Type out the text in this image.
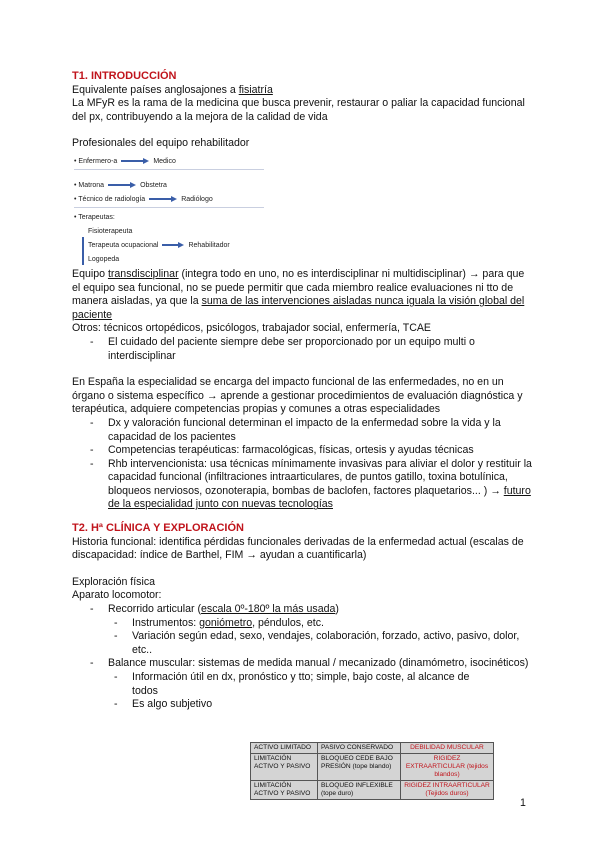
T1. INTRODUCCIÓN

Equivalente países anglosajones a fisiatría

La MFyR es la rama de la medicina que busca prevenir, restaurar o paliar la capacidad funcional del px, contribuyendo a la mejora de la calidad de vida

Profesionales del equipo rehabilitador

• Enfermero-a	Medico
• Matrona	Obstetra
• Técnico de radiología	Radiólogo
• Terapeutas:
Fisioterapeuta
Terapeuta ocupacional	Rehabilitador
Logopeda

Equipo transdisciplinar (integra todo en uno, no es interdisciplinar ni multidisciplinar) → para que el equipo sea funcional, no se puede permitir que cada miembro realice evaluaciones ni tto de manera aisladas, ya que la suma de las intervenciones aisladas nunca iguala la visión global del paciente

Otros: técnicos ortopédicos, psicólogos, trabajador social, enfermería, TCAE

- El cuidado del paciente siempre debe ser proporcionado por un equipo multi o interdisciplinar

En España la especialidad se encarga del impacto funcional de las enfermedades, no en un órgano o sistema específico → aprende a gestionar procedimientos de evaluación diagnóstica y terapéutica, adquiere competencias propias y comunes a otras especialidades

- Dx y valoración funcional determinan el impacto de la enfermedad sobre la vida y la capacidad de los pacientes

- Competencias terapéuticas: farmacológicas, físicas, ortesis y ayudas técnicas

- Rhb intervencionista: usa técnicas mínimamente invasivas para aliviar el dolor y restituir la capacidad funcional (infiltraciones intraarticulares, de puntos gatillo, toxina botulínica, bloqueos nerviosos, ozonoterapia, bombas de baclofen, factores plaquetarios... ) → futuro de la especialidad junto con nuevas tecnologías

T2. Hª CLÍNICA Y EXPLORACIÓN

Historia funcional: identifica pérdidas funcionales derivadas de la enfermedad actual (escalas de discapacidad: índice de Barthel, FIM → ayudan a cuantificarla)

Exploración física

Aparato locomotor:

- Recorrido articular (escala 0º-180º la más usada)

- Instrumentos: goniómetro, péndulos, etc.

- Variación según edad, sexo, vendajes, colaboración, forzado, activo, pasivo, dolor, etc..

- Balance muscular: sistemas de medida manual / mecanizado (dinamómetro, isocinéticos)

- Información útil en dx, pronóstico y tto; simple, bajo coste, al alcance de
todos

- Es algo subjetivo

ACTIVO LIMITADO	PASIVO CONSERVADO	DEBILIDAD MUSCULAR
LIMITACIÓN ACTIVO Y PASIVO	BLOQUEO CEDE BAJO PRESIÓN (tope blando)	RIGIDEZ EXTRAARTICULAR (tejidos blandos)
LIMITACIÓN ACTIVO Y PASIVO	BLOQUEO INFLEXIBLE (tope duro)	RIGIDEZ INTRAARTICULAR (Tejidos duros)
1
